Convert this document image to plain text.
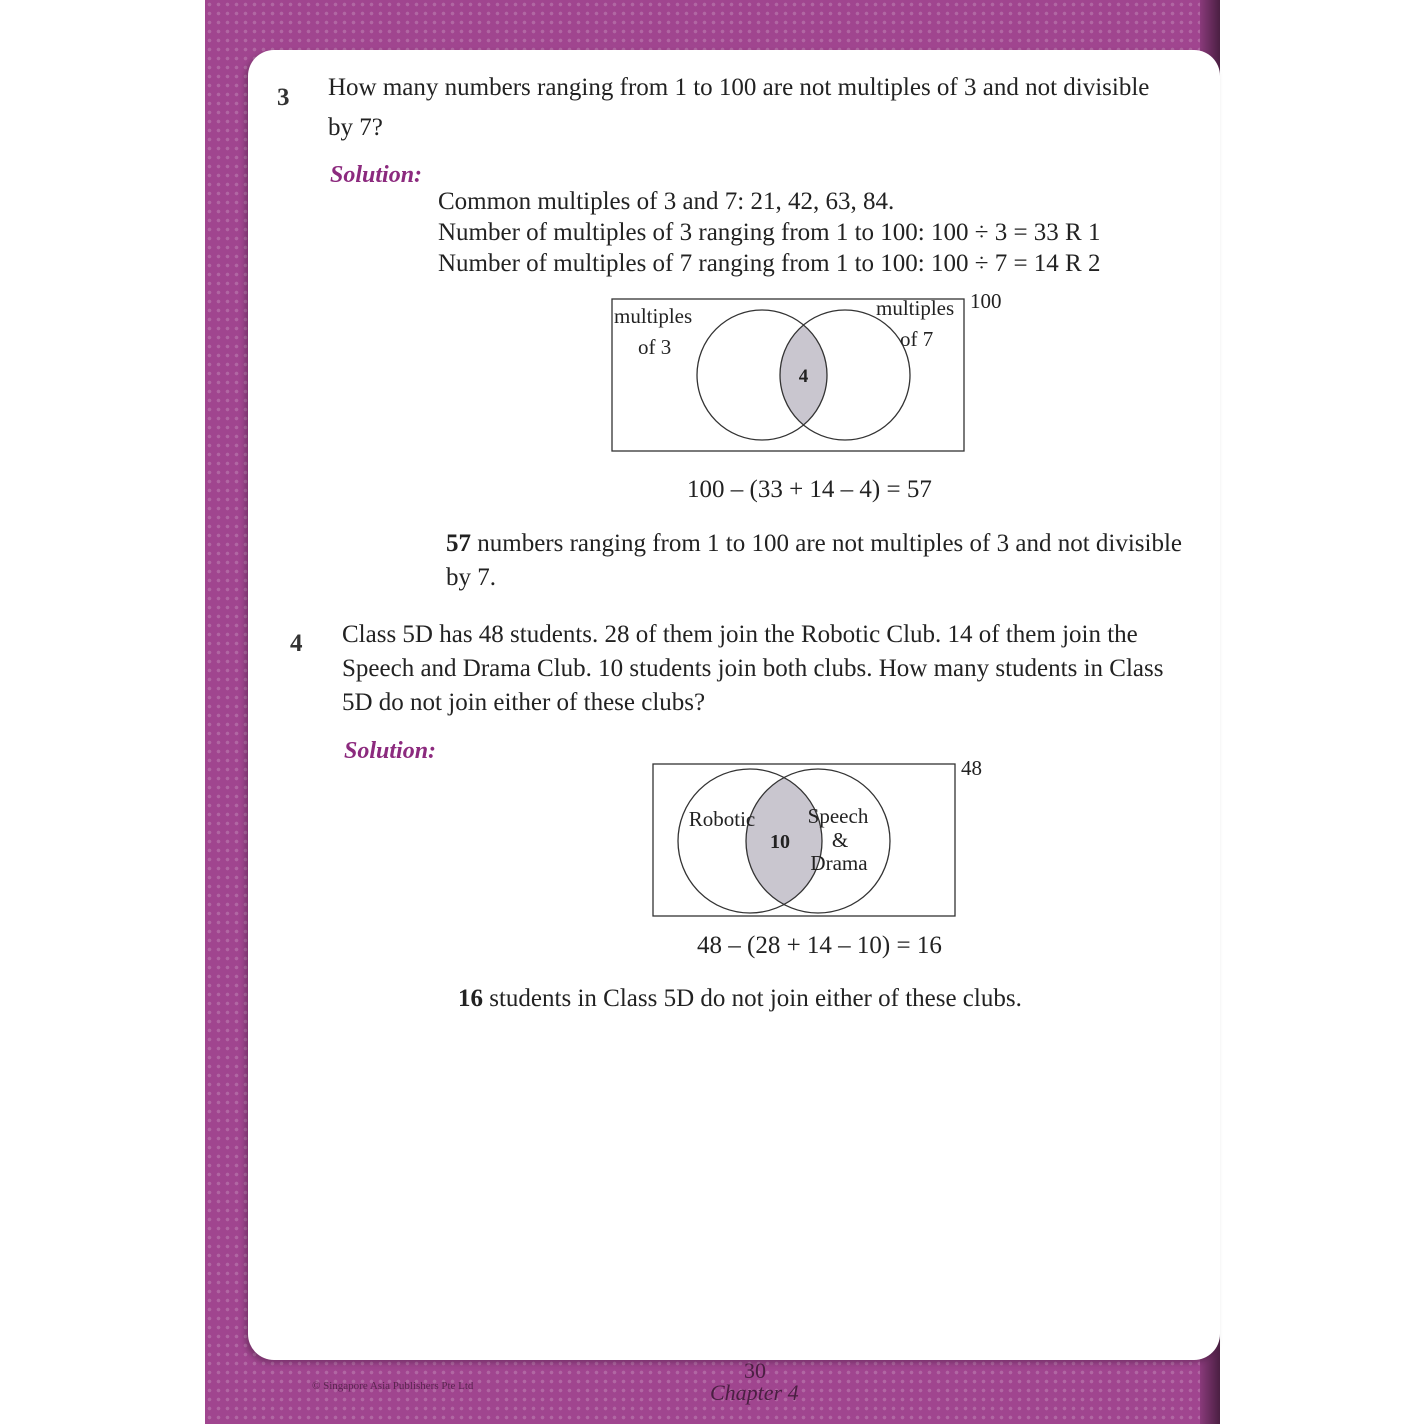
3 How many numbers ranging from 1 to 100 are not multiples of 3 and not divisible
by 7?
Solution:
Common multiples of 3 and 7: 21, 42, 63, 84.
Number of multiples of 3 ranging from 1 to 100: 100 ÷ 3 = 33 R 1
Number of multiples of 7 ranging from 1 to 100: 100 ÷ 7 = 14 R 2
multiples
of 3
multiples
of 7
4
100
100 – (33 + 14 – 4) = 57
57 numbers ranging from 1 to 100 are not multiples of 3 and not divisible
by 7.
4 Class 5D has 48 students. 28 of them join the Robotic Club. 14 of them join the
Speech and Drama Club. 10 students join both clubs. How many students in Class
5D do not join either of these clubs?
Solution:
Robotic Speech
&
Drama
10
48
48 – (28 + 14 – 10) = 16
16 students in Class 5D do not join either of these clubs.
© Singapore Asia Publishers Pte Ltd
30
Chapter 4
